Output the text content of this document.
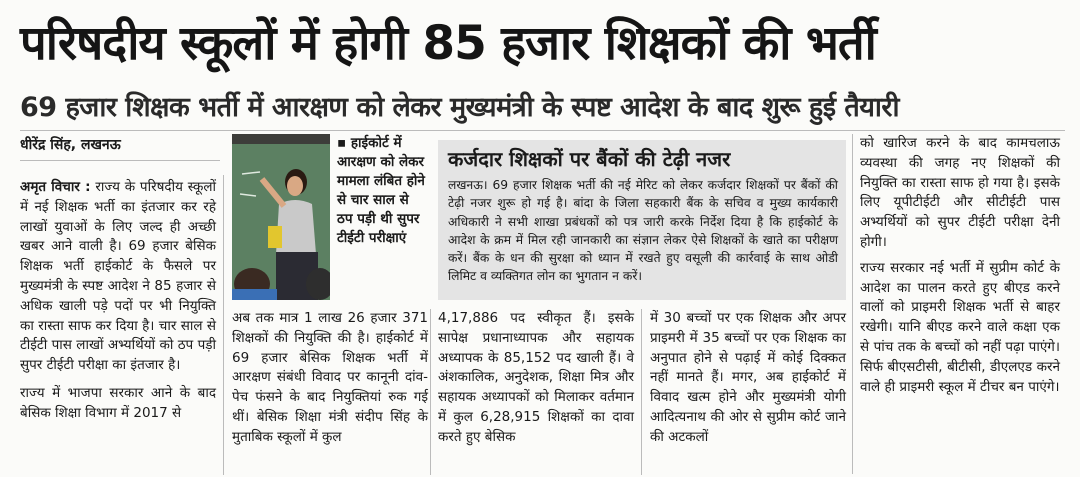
परिषदीय स्कूलों में होगी 85 हजार शिक्षकों की भर्ती
69 हजार शिक्षक भर्ती में आरक्षण को लेकर मुख्यमंत्री के स्पष्ट आदेश के बाद शुरू हुई तैयारी
धीरेंद्र सिंह, लखनऊ

अमृत विचार : राज्य के परिषदीय स्कूलों में नई शिक्षक भर्ती का इंतजार कर रहे लाखों युवाओं के लिए जल्द ही अच्छी खबर आने वाली है। 69 हजार बेसिक शिक्षक भर्ती हाईकोर्ट के फैसले पर मुख्यमंत्री के स्पष्ट आदेश ने 85 हजार से अधिक खाली पड़े पदों पर भी नियुक्ति का रास्ता साफ कर दिया है। चार साल से टीईटी पास लाखों अभ्यर्थियों को ठप पड़ी सुपर टीईटी परीक्षा का इंतजार है।

राज्य में भाजपा सरकार आने के बाद बेसिक शिक्षा विभाग में 2017 से

▪ हाईकोर्ट में आरक्षण को लेकर मामला लंबित होने से चार साल से ठप पड़ी थी सुपर टीईटी परीक्षाएं
कर्जदार शिक्षकों पर बैंकों की टेढ़ी नजर
लखनऊ। 69 हजार शिक्षक भर्ती की नई मेरिट को लेकर कर्जदार शिक्षकों पर बैंकों की टेढ़ी नजर शुरू हो गई है। बांदा के जिला सहकारी बैंक के सचिव व मुख्य कार्यकारी अधिकारी ने सभी शाखा प्रबंधकों को पत्र जारी करके निर्देश दिया है कि हाईकोर्ट के आदेश के क्रम में मिल रही जानकारी का संज्ञान लेकर ऐसे शिक्षकों के खाते का परीक्षण करें। बैंक के धन की सुरक्षा को ध्यान में रखते हुए वसूली की कार्रवाई के साथ ओडी लिमिट व व्यक्तिगत लोन का भुगतान न करें।
अब तक मात्र 1 लाख 26 हजार 371 शिक्षकों की नियुक्ति की है। हाईकोर्ट में 69 हजार बेसिक शिक्षक भर्ती में आरक्षण संबंधी विवाद पर कानूनी दांव-पेच फंसने के बाद नियुक्तियां रुक गई थीं। बेसिक शिक्षा मंत्री संदीप सिंह के मुताबिक स्कूलों में कुल
4,17,886 पद स्वीकृत हैं। इसके सापेक्ष प्रधानाध्यापक और सहायक अध्यापक के 85,152 पद खाली हैं। वे अंशकालिक, अनुदेशक, शिक्षा मित्र और सहायक अध्यापकों को मिलाकर वर्तमान में कुल 6,28,915 शिक्षकों का दावा करते हुए बेसिक
में 30 बच्चों पर एक शिक्षक और अपर प्राइमरी में 35 बच्चों पर एक शिक्षक का अनुपात होने से पढ़ाई में कोई दिक्कत नहीं मानते हैं। मगर, अब हाईकोर्ट में विवाद खत्म होने और मुख्यमंत्री योगी आदित्यनाथ की ओर से सुप्रीम कोर्ट जाने की अटकलों

को खारिज करने के बाद कामचलाऊ व्यवस्था की जगह नए शिक्षकों की नियुक्ति का रास्ता साफ हो गया है। इसके लिए यूपीटीईटी और सीटीईटी पास अभ्यर्थियों को सुपर टीईटी परीक्षा देनी होगी।

राज्य सरकार नई भर्ती में सुप्रीम कोर्ट के आदेश का पालन करते हुए बीएड करने वालों को प्राइमरी शिक्षक भर्ती से बाहर रखेगी। यानि बीएड करने वाले कक्षा एक से पांच तक के बच्चों को नहीं पढ़ा पाएंगे। सिर्फ बीएसटीसी, बीटीसी, डीएलएड करने वाले ही प्राइमरी स्कूल में टीचर बन पाएंगे।
